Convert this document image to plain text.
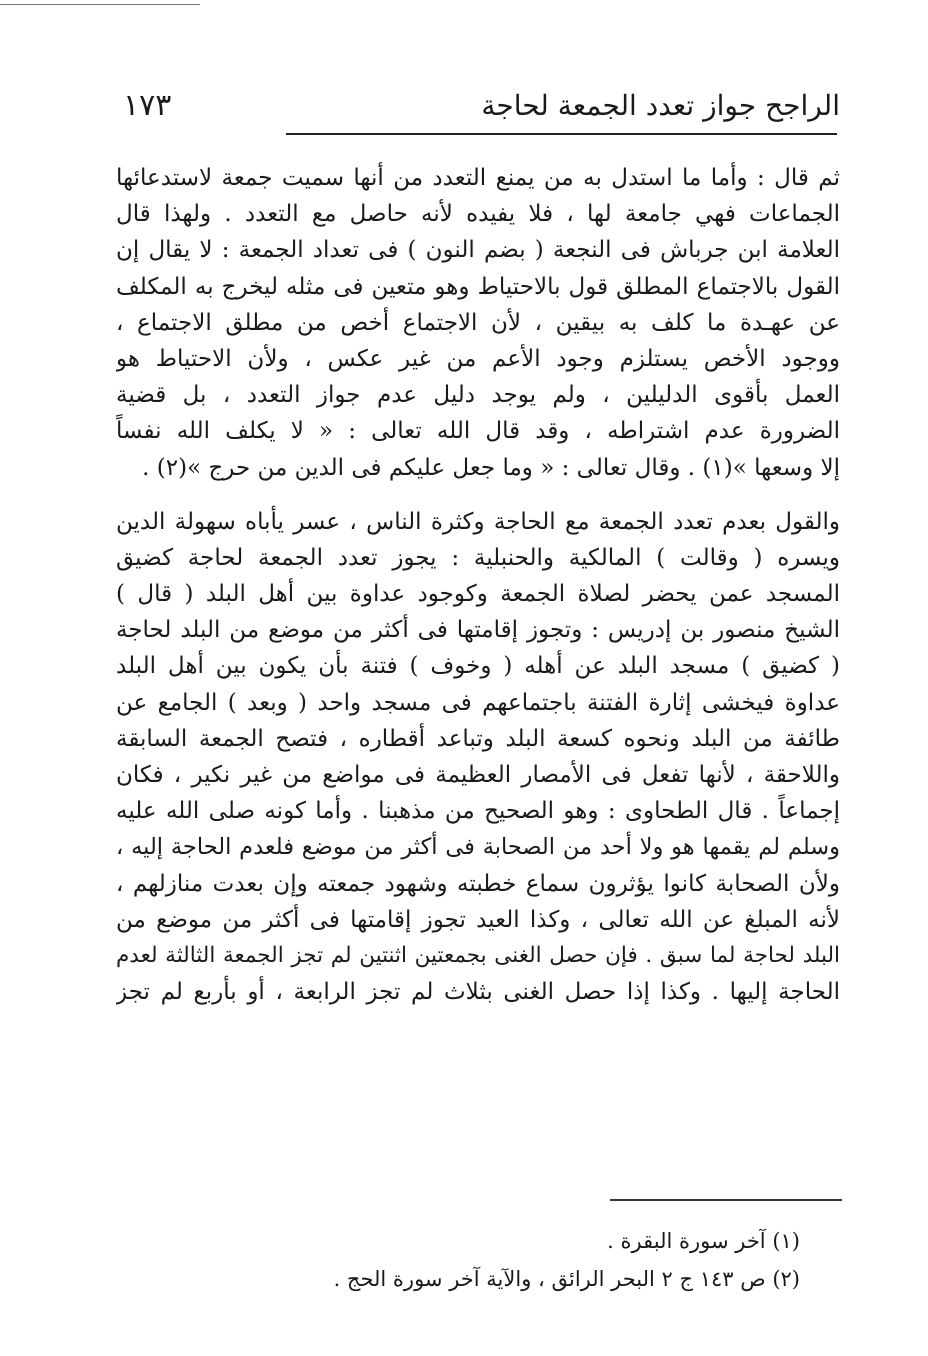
١٧٣	الراجح جواز تعدد الجمعة لحاجة
ثم قال : وأما ما استدل به من يمنع التعدد من أنها سميت جمعة لاستدعائها
الجماعات فهي جامعة لها ، فلا يفيده لأنه حاصل مع التعدد . ولهذا قال
العلامة ابن جرباش فى النجعة ( بضم النون ) فى تعداد الجمعة : لا يقال إن
القول بالاجتماع المطلق قول بالاحتياط وهو متعين فى مثله ليخرج به المكلف
عن عهـدة ما كلف به بيقين ، لأن الاجتماع أخص من مطلق الاجتماع ،
ووجود الأخص يستلزم وجود الأعم من غير عكس ، ولأن الاحتياط هو
العمل بأقوى الدليلين ، ولم يوجد دليل عدم جواز التعدد ، بل قضية
الضرورة عدم اشتراطه ، وقد قال الله تعالى : « لا يكلف الله نفساً
إلا وسعها »(١) . وقال تعالى : « وما جعل عليكم فى الدين من حرج »(٢) .
والقول بعدم تعدد الجمعة مع الحاجة وكثرة الناس ، عسر يأباه سهولة الدين
ويسره ( وقالت ) المالكية والحنبلية : يجوز تعدد الجمعة لحاجة كضيق
المسجد عمن يحضر لصلاة الجمعة وكوجود عداوة بين أهل البلد ( قال )
الشيخ منصور بن إدريس : وتجوز إقامتها فى أكثر من موضع من البلد لحاجة
( كضيق ) مسجد البلد عن أهله ( وخوف ) فتنة بأن يكون بين أهل البلد
عداوة فيخشى إثارة الفتنة باجتماعهم فى مسجد واحد ( وبعد ) الجامع عن
طائفة من البلد ونحوه كسعة البلد وتباعد أقطاره ، فتصح الجمعة السابقة
واللاحقة ، لأنها تفعل فى الأمصار العظيمة فى مواضع من غير نكير ، فكان
إجماعاً . قال الطحاوى : وهو الصحيح من مذهبنا . وأما كونه صلى الله عليه
وسلم لم يقمها هو ولا أحد من الصحابة فى أكثر من موضع فلعدم الحاجة إليه ،
ولأن الصحابة كانوا يؤثرون سماع خطبته وشهود جمعته وإن بعدت منازلهم ،
لأنه المبلغ عن الله تعالى ، وكذا العيد تجوز إقامتها فى أكثر من موضع من
البلد لحاجة لما سبق . فإن حصل الغنى بجمعتين اثنتين لم تجز الجمعة الثالثة لعدم
الحاجة إليها . وكذا إذا حصل الغنى بثلاث لم تجز الرابعة ، أو بأربع لم تجز
(١) آخر سورة البقرة .
(٢) ص ١٤٣ ج ٢ البحر الرائق ، والآية آخر سورة الحج .
